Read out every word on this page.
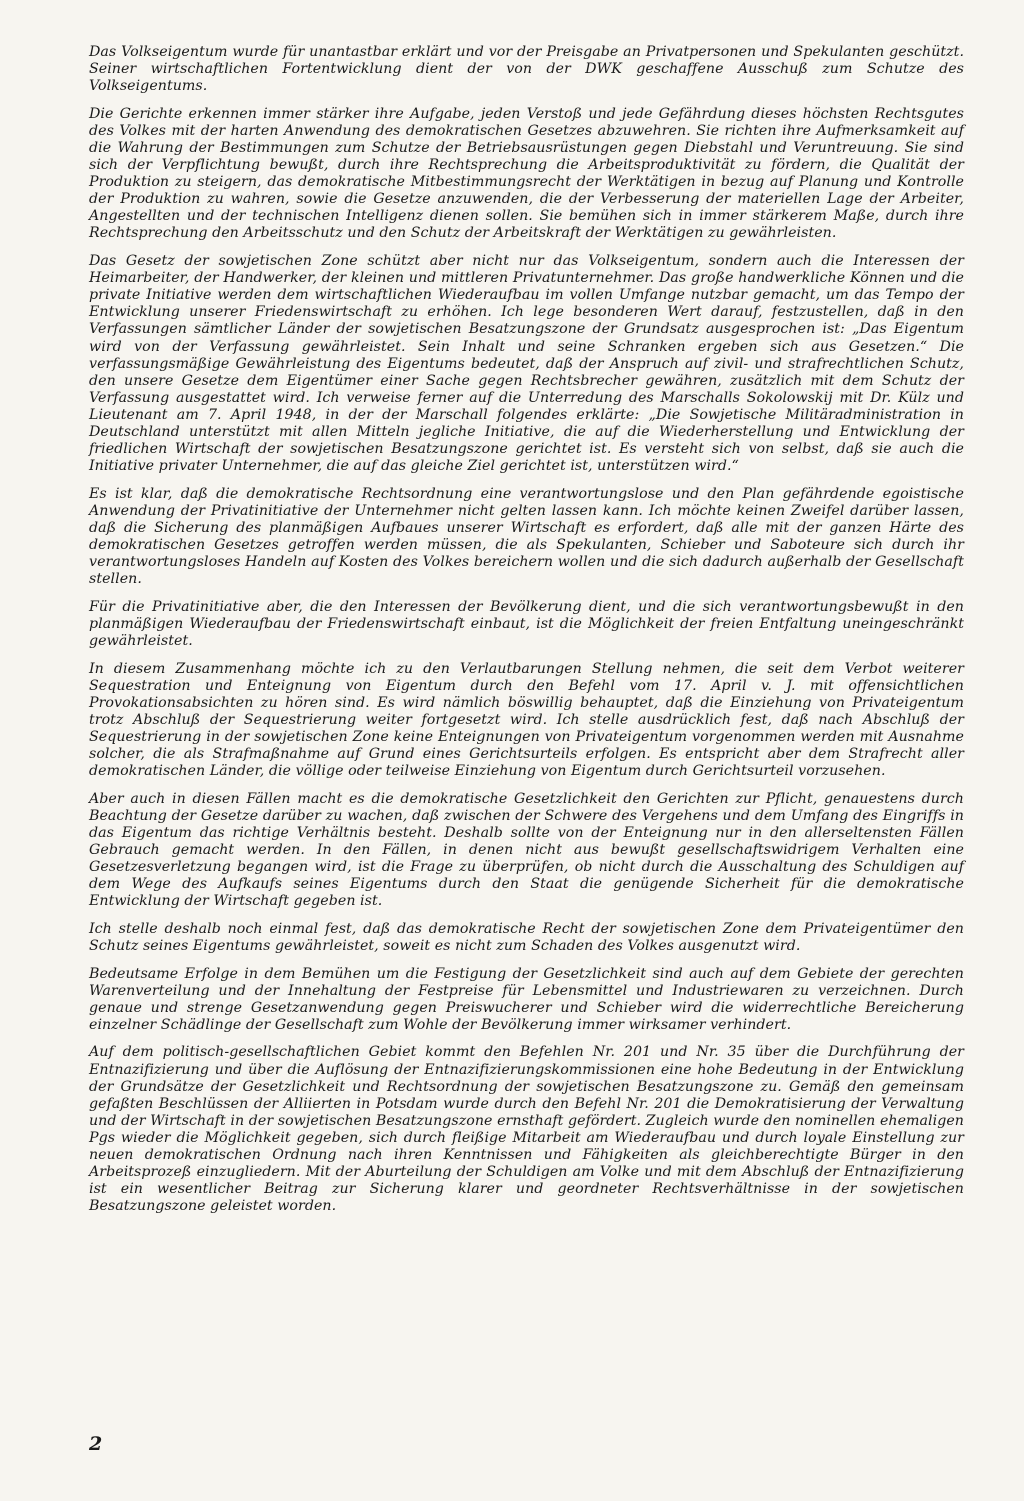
Das Volkseigentum wurde für unantastbar erklärt und vor der Preisgabe an Privatpersonen und Spekulanten geschützt. Seiner wirtschaftlichen Fortentwicklung dient der von der DWK geschaffene Ausschuß zum Schutze des Volkseigentums.

Die Gerichte erkennen immer stärker ihre Aufgabe, jeden Verstoß und jede Gefährdung dieses höchsten Rechtsgutes des Volkes mit der harten Anwendung des demokratischen Gesetzes abzuwehren. Sie richten ihre Aufmerksamkeit auf die Wahrung der Bestimmungen zum Schutze der Betriebsausrüstungen gegen Diebstahl und Veruntreuung. Sie sind sich der Verpflichtung bewußt, durch ihre Rechtsprechung die Arbeitsproduktivität zu fördern, die Qualität der Produktion zu steigern, das demokratische Mitbestimmungsrecht der Werktätigen in bezug auf Planung und Kontrolle der Produktion zu wahren, sowie die Gesetze anzuwenden, die der Verbesserung der materiellen Lage der Arbeiter, Angestellten und der technischen Intelligenz dienen sollen. Sie bemühen sich in immer stärkerem Maße, durch ihre Rechtsprechung den Arbeitsschutz und den Schutz der Arbeitskraft der Werktätigen zu gewährleisten.

Das Gesetz der sowjetischen Zone schützt aber nicht nur das Volkseigentum, sondern auch die Interessen der Heimarbeiter, der Handwerker, der kleinen und mittleren Privatunternehmer. Das große handwerkliche Können und die private Initiative werden dem wirtschaftlichen Wiederaufbau im vollen Umfange nutzbar gemacht, um das Tempo der Entwicklung unserer Friedenswirtschaft zu erhöhen. Ich lege besonderen Wert darauf, festzustellen, daß in den Verfassungen sämtlicher Länder der sowjetischen Besatzungszone der Grundsatz ausgesprochen ist: „Das Eigentum wird von der Verfassung gewährleistet. Sein Inhalt und seine Schranken ergeben sich aus Gesetzen.“ Die verfassungsmäßige Gewährleistung des Eigentums bedeutet, daß der Anspruch auf zivil- und strafrechtlichen Schutz, den unsere Gesetze dem Eigentümer einer Sache gegen Rechtsbrecher gewähren, zusätzlich mit dem Schutz der Verfassung ausgestattet wird. Ich verweise ferner auf die Unterredung des Marschalls Sokolowskij mit Dr. Külz und Lieutenant am 7. April 1948, in der der Marschall folgendes erklärte: „Die Sowjetische Militäradministration in Deutschland unterstützt mit allen Mitteln jegliche Initiative, die auf die Wiederherstellung und Entwicklung der friedlichen Wirtschaft der sowjetischen Besatzungszone gerichtet ist. Es versteht sich von selbst, daß sie auch die Initiative privater Unternehmer, die auf das gleiche Ziel gerichtet ist, unterstützen wird.“

Es ist klar, daß die demokratische Rechtsordnung eine verantwortungslose und den Plan gefährdende egoistische Anwendung der Privatinitiative der Unternehmer nicht gelten lassen kann. Ich möchte keinen Zweifel darüber lassen, daß die Sicherung des planmäßigen Aufbaues unserer Wirtschaft es erfordert, daß alle mit der ganzen Härte des demokratischen Gesetzes getroffen werden müssen, die als Spekulanten, Schieber und Saboteure sich durch ihr verantwortungsloses Handeln auf Kosten des Volkes bereichern wollen und die sich dadurch außerhalb der Gesellschaft stellen.

Für die Privatinitiative aber, die den Interessen der Bevölkerung dient, und die sich verantwortungsbewußt in den planmäßigen Wiederaufbau der Friedenswirtschaft einbaut, ist die Möglichkeit der freien Entfaltung uneingeschränkt gewährleistet.

In diesem Zusammenhang möchte ich zu den Verlautbarungen Stellung nehmen, die seit dem Verbot weiterer Sequestration und Enteignung von Eigentum durch den Befehl vom 17. April v. J. mit offensichtlichen Provokationsabsichten zu hören sind. Es wird nämlich böswillig behauptet, daß die Einziehung von Privateigentum trotz Abschluß der Sequestrierung weiter fortgesetzt wird. Ich stelle ausdrücklich fest, daß nach Abschluß der Sequestrierung in der sowjetischen Zone keine Enteignungen von Privateigentum vorgenommen werden mit Ausnahme solcher, die als Strafmaßnahme auf Grund eines Gerichtsurteils erfolgen. Es entspricht aber dem Strafrecht aller demokratischen Länder, die völlige oder teilweise Einziehung von Eigentum durch Gerichtsurteil vorzusehen.

Aber auch in diesen Fällen macht es die demokratische Gesetzlichkeit den Gerichten zur Pflicht, genauestens durch Beachtung der Gesetze darüber zu wachen, daß zwischen der Schwere des Vergehens und dem Umfang des Eingriffs in das Eigentum das richtige Verhältnis besteht. Deshalb sollte von der Enteignung nur in den allerseltensten Fällen Gebrauch gemacht werden. In den Fällen, in denen nicht aus bewußt gesellschaftswidrigem Verhalten eine Gesetzesverletzung begangen wird, ist die Frage zu überprüfen, ob nicht durch die Ausschaltung des Schuldigen auf dem Wege des Aufkaufs seines Eigentums durch den Staat die genügende Sicherheit für die demokratische Entwicklung der Wirtschaft gegeben ist.

Ich stelle deshalb noch einmal fest, daß das demokratische Recht der sowjetischen Zone dem Privateigentümer den Schutz seines Eigentums gewährleistet, soweit es nicht zum Schaden des Volkes ausgenutzt wird.

Bedeutsame Erfolge in dem Bemühen um die Festigung der Gesetzlichkeit sind auch auf dem Gebiete der gerechten Warenverteilung und der Innehaltung der Festpreise für Lebensmittel und Industriewaren zu verzeichnen. Durch genaue und strenge Gesetzanwendung gegen Preiswucherer und Schieber wird die widerrechtliche Bereicherung einzelner Schädlinge der Gesellschaft zum Wohle der Bevölkerung immer wirksamer verhindert.

Auf dem politisch-gesellschaftlichen Gebiet kommt den Befehlen Nr. 201 und Nr. 35 über die Durchführung der Entnazifizierung und über die Auflösung der Entnazifizierungskommissionen eine hohe Bedeutung in der Entwicklung der Grundsätze der Gesetzlichkeit und Rechtsordnung der sowjetischen Besatzungszone zu. Gemäß den gemeinsam gefaßten Beschlüssen der Alliierten in Potsdam wurde durch den Befehl Nr. 201 die Demokratisierung der Verwaltung und der Wirtschaft in der sowjetischen Besatzungszone ernsthaft gefördert. Zugleich wurde den nominellen ehemaligen Pgs wieder die Möglichkeit gegeben, sich durch fleißige Mitarbeit am Wiederaufbau und durch loyale Einstellung zur neuen demokratischen Ordnung nach ihren Kenntnissen und Fähigkeiten als gleichberechtigte Bürger in den Arbeitsprozeß einzugliedern. Mit der Aburteilung der Schuldigen am Volke und mit dem Abschluß der Entnazifizierung ist ein wesentlicher Beitrag zur Sicherung klarer und geordneter Rechtsverhältnisse in der sowjetischen Besatzungszone geleistet worden.

2
